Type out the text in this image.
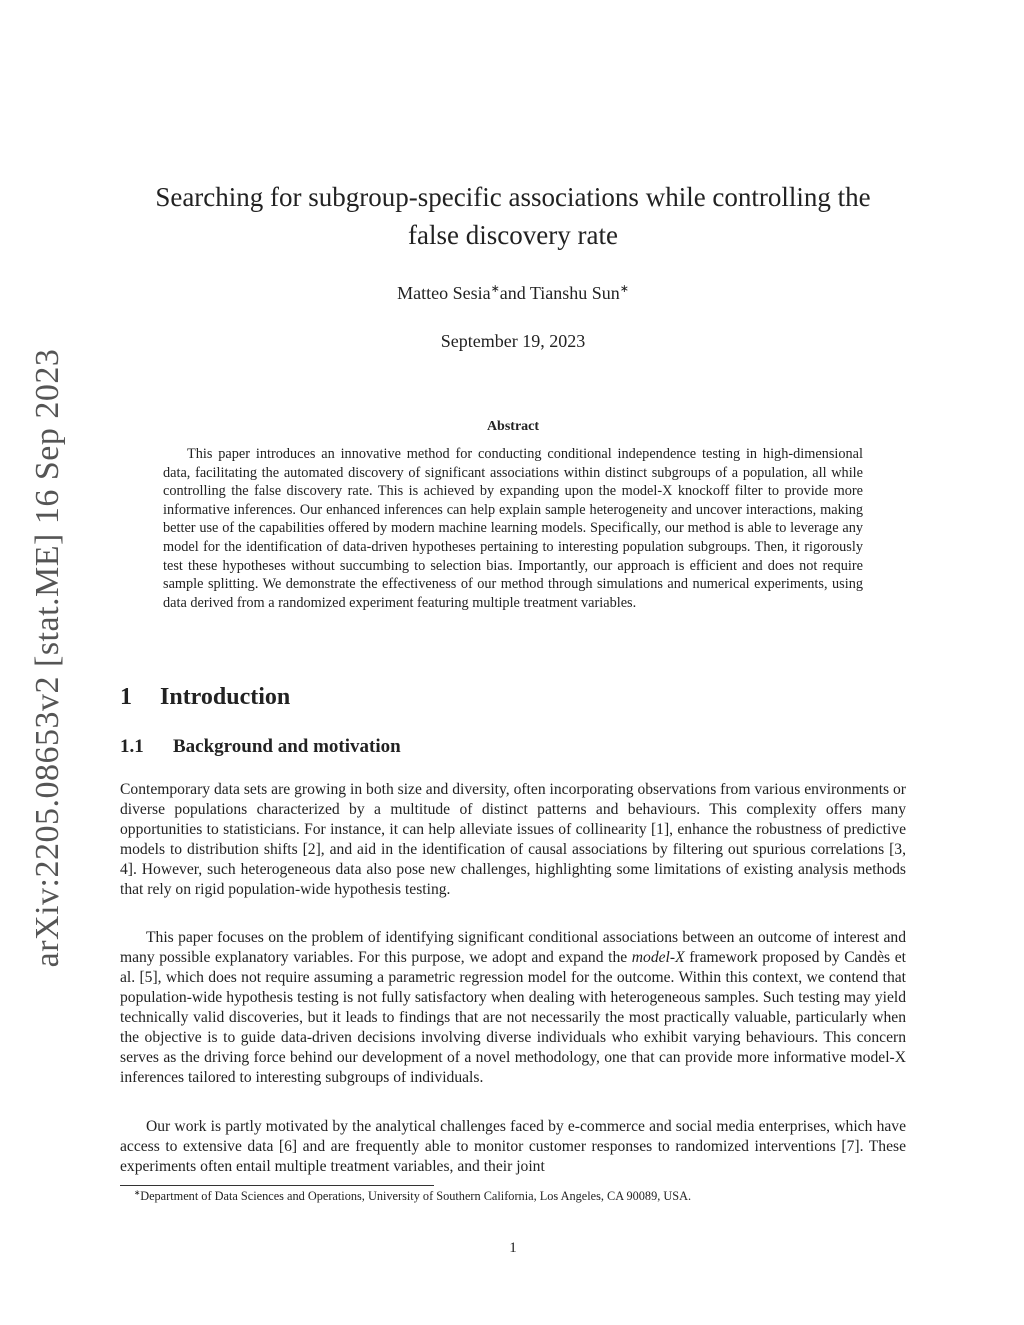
arXiv:2205.08653v2 [stat.ME] 16 Sep 2023
Searching for subgroup-specific associations while controlling the
false discovery rate
Matteo Sesia∗and Tianshu Sun∗
September 19, 2023
Abstract

This paper introduces an innovative method for conducting conditional independence testing in high-dimensional data, facilitating the automated discovery of significant associations within distinct subgroups of a population, all while controlling the false discovery rate. This is achieved by expanding upon the model-X knockoff filter to provide more informative inferences. Our enhanced inferences can help explain sample heterogeneity and uncover interactions, making better use of the capabilities offered by modern machine learning models. Specifically, our method is able to leverage any model for the identification of data-driven hypotheses pertaining to interesting population subgroups. Then, it rigorously test these hypotheses without succumbing to selection bias. Importantly, our approach is efficient and does not require sample splitting. We demonstrate the effectiveness of our method through simulations and numerical experiments, using data derived from a randomized experiment featuring multiple treatment variables.

1 Introduction
1.1 Background and motivation

Contemporary data sets are growing in both size and diversity, often incorporating observations from various environments or diverse populations characterized by a multitude of distinct patterns and behaviours. This complexity offers many opportunities to statisticians. For instance, it can help alleviate issues of collinearity [1], enhance the robustness of predictive models to distribution shifts [2], and aid in the identification of causal associations by filtering out spurious correlations [3, 4]. However, such heterogeneous data also pose new challenges, highlighting some limitations of existing analysis methods that rely on rigid population-wide hypothesis testing.

This paper focuses on the problem of identifying significant conditional associations between an outcome of interest and many possible explanatory variables. For this purpose, we adopt and expand the model-X framework proposed by Candès et al. [5], which does not require assuming a parametric regression model for the outcome. Within this context, we contend that population-wide hypothesis testing is not fully satisfactory when dealing with heterogeneous samples. Such testing may yield technically valid discoveries, but it leads to findings that are not necessarily the most practically valuable, particularly when the objective is to guide data-driven decisions involving diverse individuals who exhibit varying behaviours. This concern serves as the driving force behind our development of a novel methodology, one that can provide more informative model-X inferences tailored to interesting subgroups of individuals.

Our work is partly motivated by the analytical challenges faced by e-commerce and social media enterprises, which have access to extensive data [6] and are frequently able to monitor customer responses to randomized interventions [7]. These experiments often entail multiple treatment variables, and their joint

∗Department of Data Sciences and Operations, University of Southern California, Los Angeles, CA 90089, USA.
1
